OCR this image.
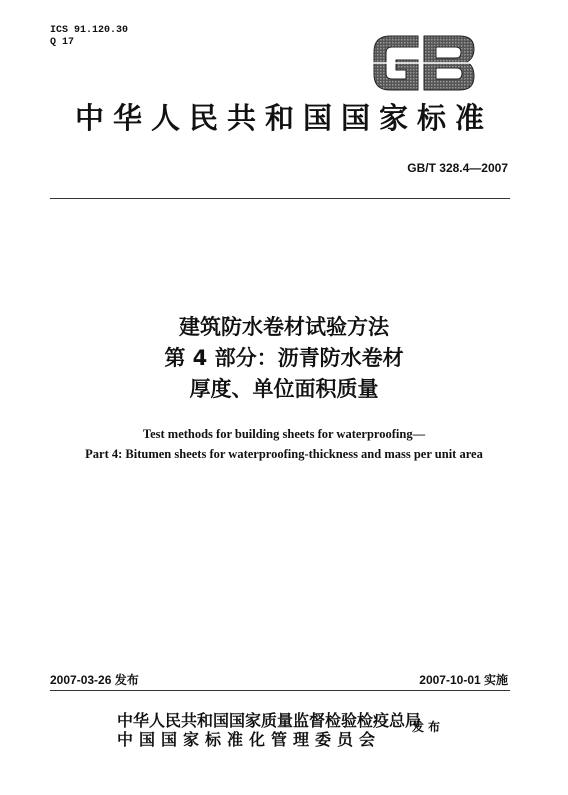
ICS 91.120.30
Q 17
中华人民共和国国家标准
GB/T 328.4—2007
建筑防水卷材试验方法
第 4 部分：沥青防水卷材
厚度、单位面积质量
Test methods for building sheets for waterproofing—
Part 4: Bitumen sheets for waterproofing-thickness and mass per unit area
2007-03-26 发布	2007-10-01 实施
中华人民共和国国家质量监督检验检疫总局
中国国家标准化管理委员会
发布
